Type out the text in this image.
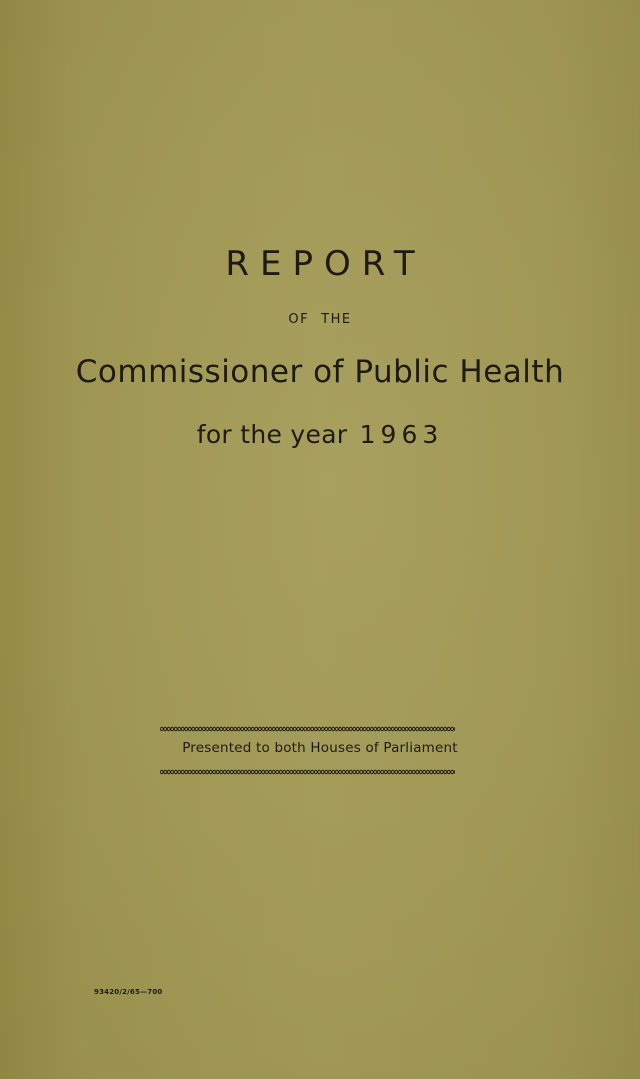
REPORT
OF THE
Commissioner of Public Health
for the year 1963
Presented to both Houses of Parliament
93420/2/65—700
